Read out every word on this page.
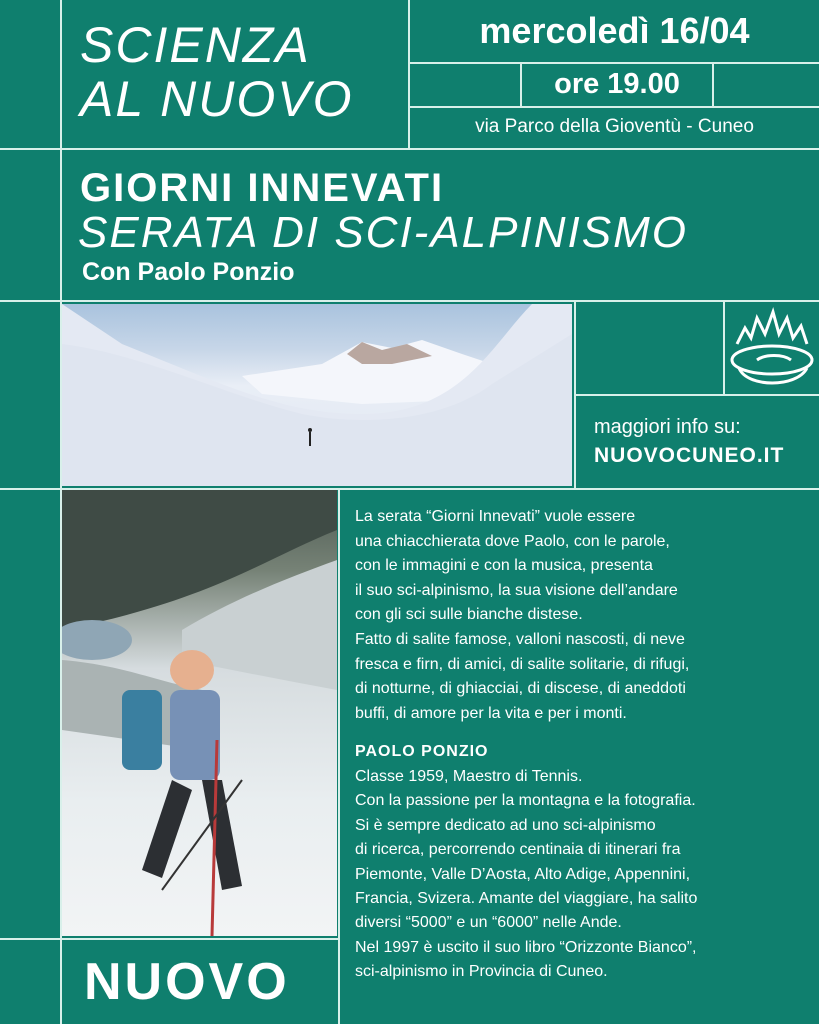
SCIENZA
AL NUOVO
mercoledì 16/04
ore 19.00
via Parco della Gioventù - Cuneo
GIORNI INNEVATI
SERATA DI SCI-ALPINISMO
Con Paolo Ponzio
maggiori info su:
NUOVOCUNEO.IT
La serata “Giorni Innevati” vuole essere
una chiacchierata dove Paolo, con le parole,
con le immagini e con la musica, presenta
il suo sci-alpinismo, la sua visione dell’andare
con gli sci sulle bianche distese.
Fatto di salite famose, valloni nascosti, di neve
fresca e firn, di amici, di salite solitarie, di rifugi,
di notturne, di ghiacciai, di discese, di aneddoti
buffi, di amore per la vita e per i monti.
PAOLO PONZIO
Classe 1959, Maestro di Tennis.
Con la passione per la montagna e la fotografia.
Si è sempre dedicato ad uno sci-alpinismo
di ricerca, percorrendo centinaia di itinerari fra
Piemonte, Valle D’Aosta, Alto Adige, Appennini,
Francia, Svizera. Amante del viaggiare, ha salito
diversi “5000” e un “6000” nelle Ande.
Nel 1997 è uscito il suo libro “Orizzonte Bianco”,
sci-alpinismo in Provincia di Cuneo.
NUOVO
